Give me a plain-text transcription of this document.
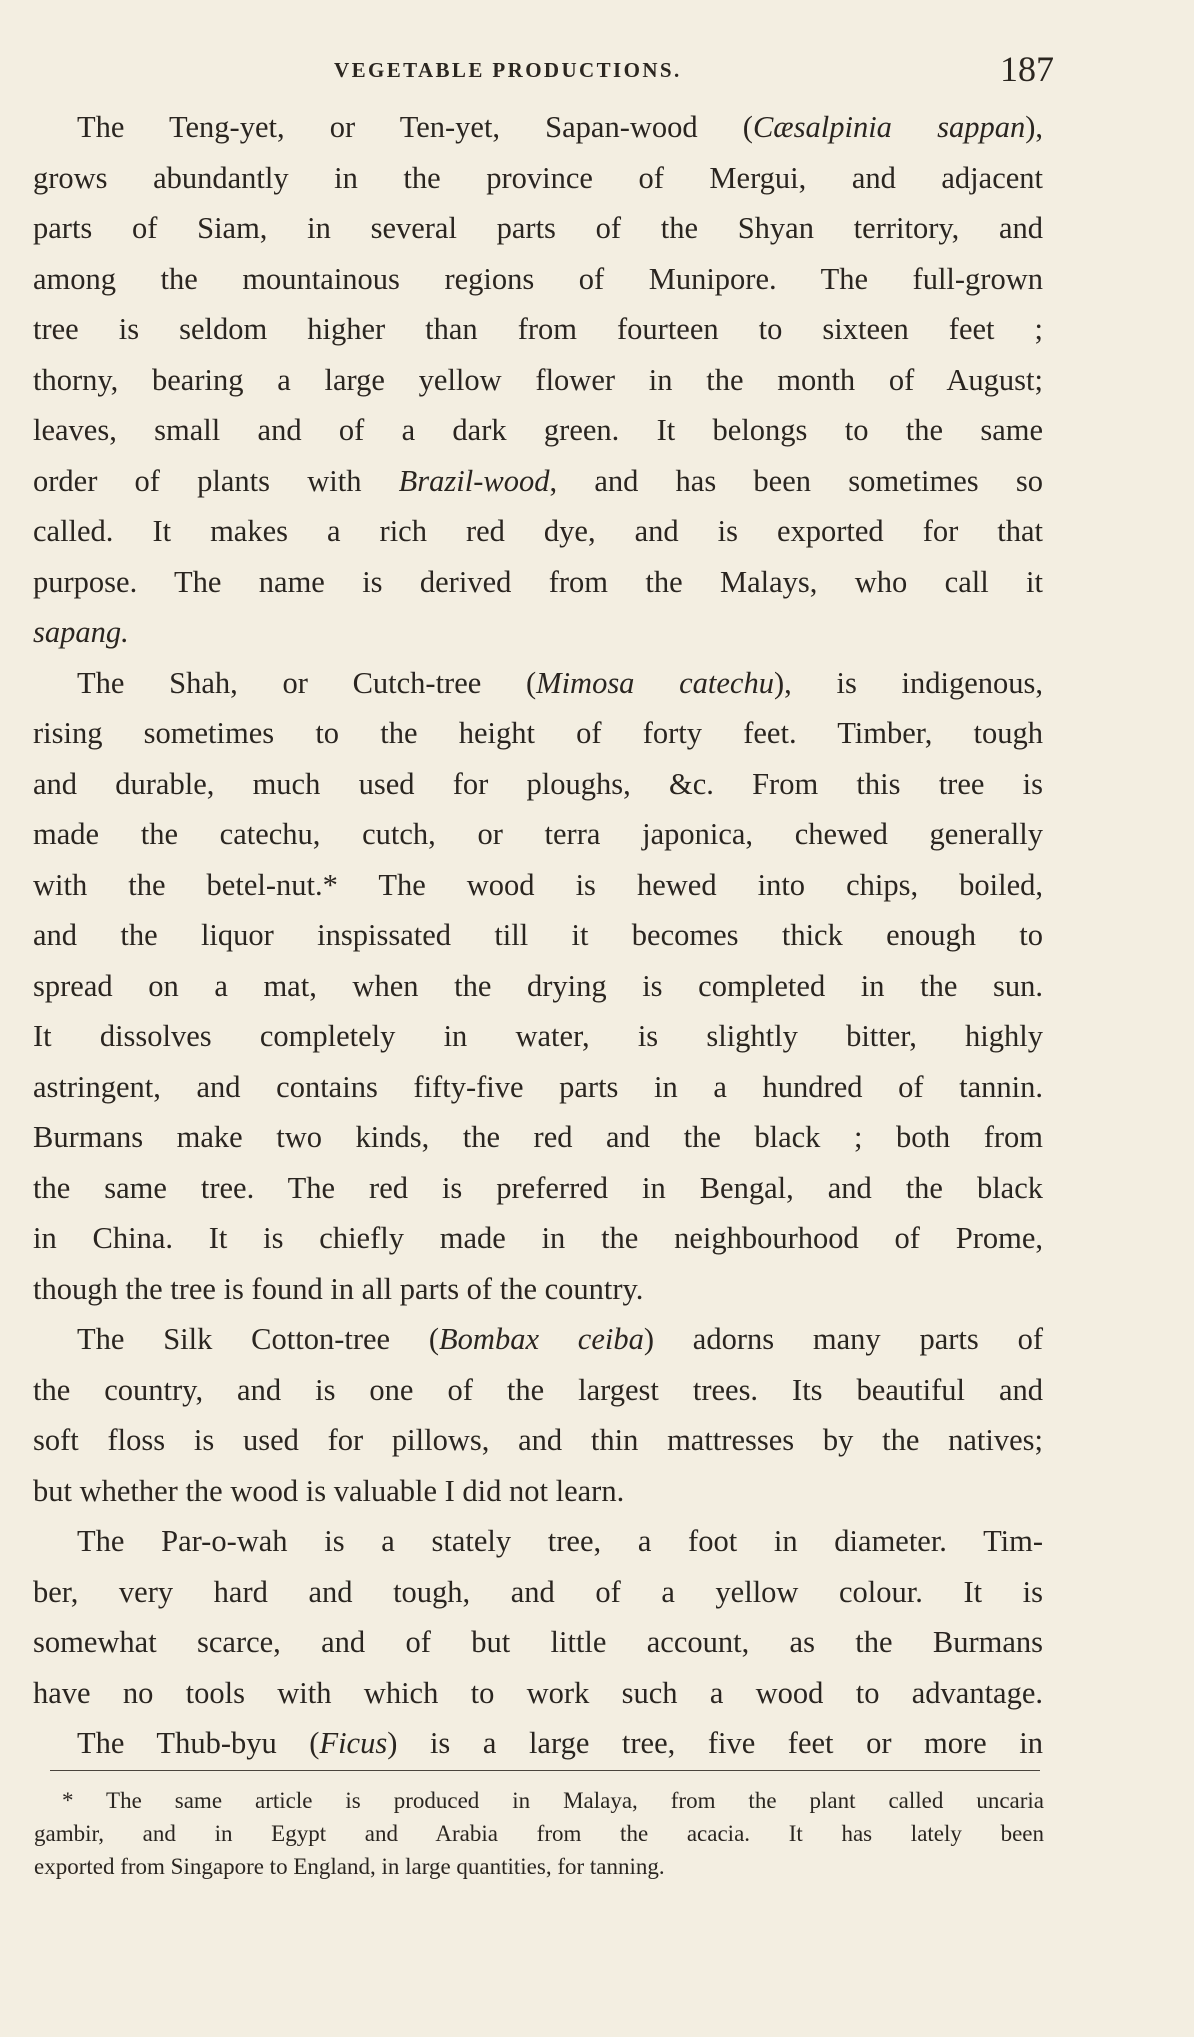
VEGETABLE PRODUCTIONS.	187
The Teng-yet, or Ten-yet, Sapan-wood (Cæsalpinia sappan),
grows abundantly in the province of Mergui, and adjacent
parts of Siam, in several parts of the Shyan territory, and
among the mountainous regions of Munipore. The full-grown
tree is seldom higher than from fourteen to sixteen feet ;
thorny, bearing a large yellow flower in the month of August;
leaves, small and of a dark green. It belongs to the same
order of plants with Brazil-wood, and has been sometimes so
called. It makes a rich red dye, and is exported for that
purpose. The name is derived from the Malays, who call it
sapang.
The Shah, or Cutch-tree (Mimosa catechu), is indigenous,
rising sometimes to the height of forty feet. Timber, tough
and durable, much used for ploughs, &c. From this tree is
made the catechu, cutch, or terra japonica, chewed generally
with the betel-nut.* The wood is hewed into chips, boiled,
and the liquor inspissated till it becomes thick enough to
spread on a mat, when the drying is completed in the sun.
It dissolves completely in water, is slightly bitter, highly
astringent, and contains fifty-five parts in a hundred of tannin.
Burmans make two kinds, the red and the black ; both from
the same tree. The red is preferred in Bengal, and the black
in China. It is chiefly made in the neighbourhood of Prome,
though the tree is found in all parts of the country.
The Silk Cotton-tree (Bombax ceiba) adorns many parts of
the country, and is one of the largest trees. Its beautiful and
soft floss is used for pillows, and thin mattresses by the natives;
but whether the wood is valuable I did not learn.
The Par-o-wah is a stately tree, a foot in diameter. Tim-
ber, very hard and tough, and of a yellow colour. It is
somewhat scarce, and of but little account, as the Burmans
have no tools with which to work such a wood to advantage.
The Thub-byu (Ficus) is a large tree, five feet or more in
* The same article is produced in Malaya, from the plant called uncaria
gambir, and in Egypt and Arabia from the acacia. It has lately been
exported from Singapore to England, in large quantities, for tanning.
